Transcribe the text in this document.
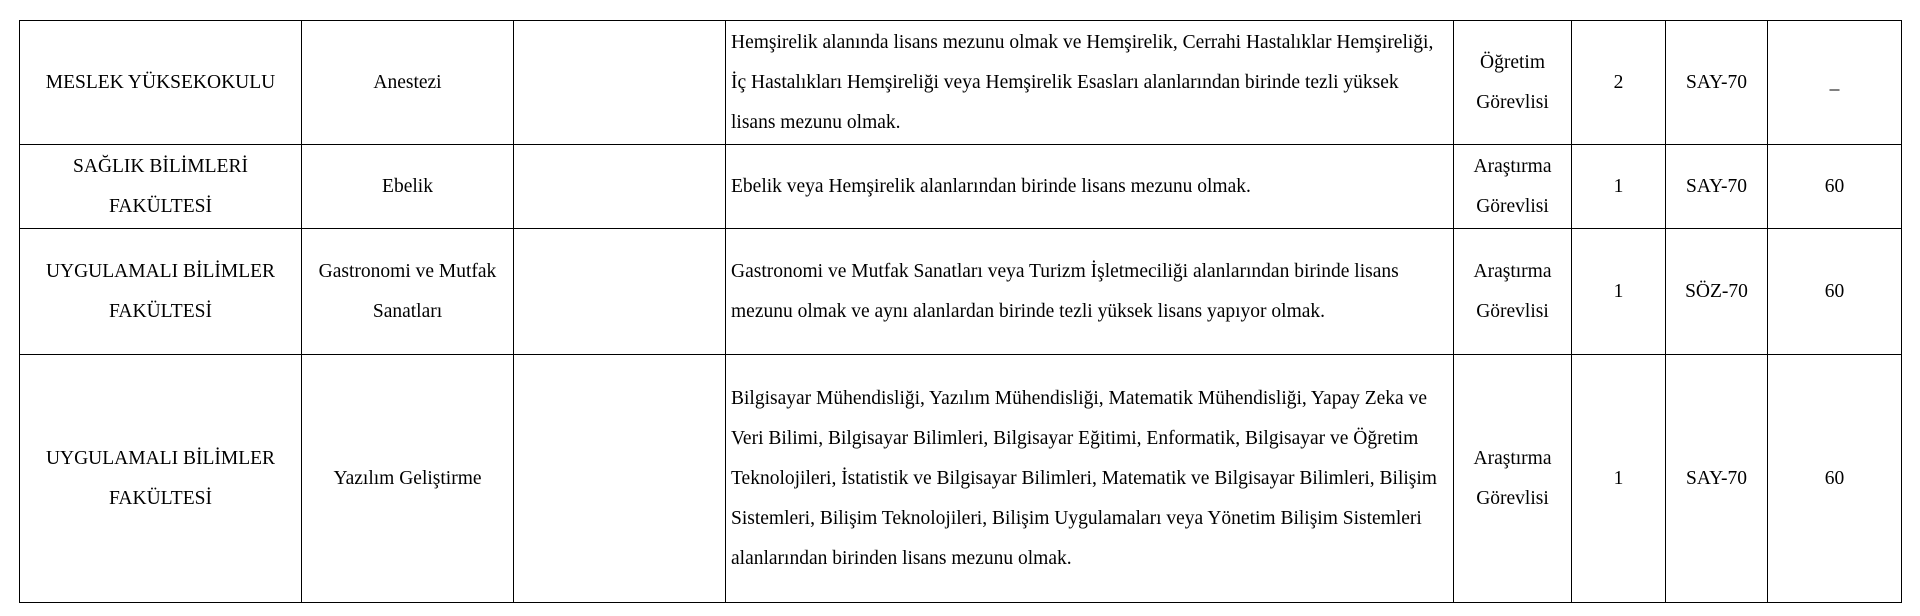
MESLEK YÜKSEKOKULU	Anestezi		Hemşirelik alanında lisans mezunu olmak ve Hemşirelik, Cerrahi Hastalıklar Hemşireliği, İç Hastalıkları Hemşireliği veya Hemşirelik Esasları alanlarından birinde tezli yüksek lisans mezunu olmak.	Öğretim Görevlisi	2	SAY-70	_

SAĞLIK BİLİMLERİ FAKÜLTESİ	Ebelik		Ebelik veya Hemşirelik alanlarından birinde lisans mezunu olmak.	Araştırma Görevlisi	1	SAY-70	60

UYGULAMALI BİLİMLER FAKÜLTESİ	Gastronomi ve Mutfak Sanatları		Gastronomi ve Mutfak Sanatları veya Turizm İşletmeciliği alanlarından birinde lisans mezunu olmak ve aynı alanlardan birinde tezli yüksek lisans yapıyor olmak.	Araştırma Görevlisi	1	SÖZ-70	60

UYGULAMALI BİLİMLER FAKÜLTESİ	Yazılım Geliştirme		Bilgisayar Mühendisliği, Yazılım Mühendisliği, Matematik Mühendisliği, Yapay Zeka ve Veri Bilimi, Bilgisayar Bilimleri, Bilgisayar Eğitimi, Enformatik, Bilgisayar ve Öğretim Teknolojileri, İstatistik ve Bilgisayar Bilimleri, Matematik ve Bilgisayar Bilimleri, Bilişim Sistemleri, Bilişim Teknolojileri, Bilişim Uygulamaları veya Yönetim Bilişim Sistemleri alanlarından birinden lisans mezunu olmak.	Araştırma Görevlisi	1	SAY-70	60
